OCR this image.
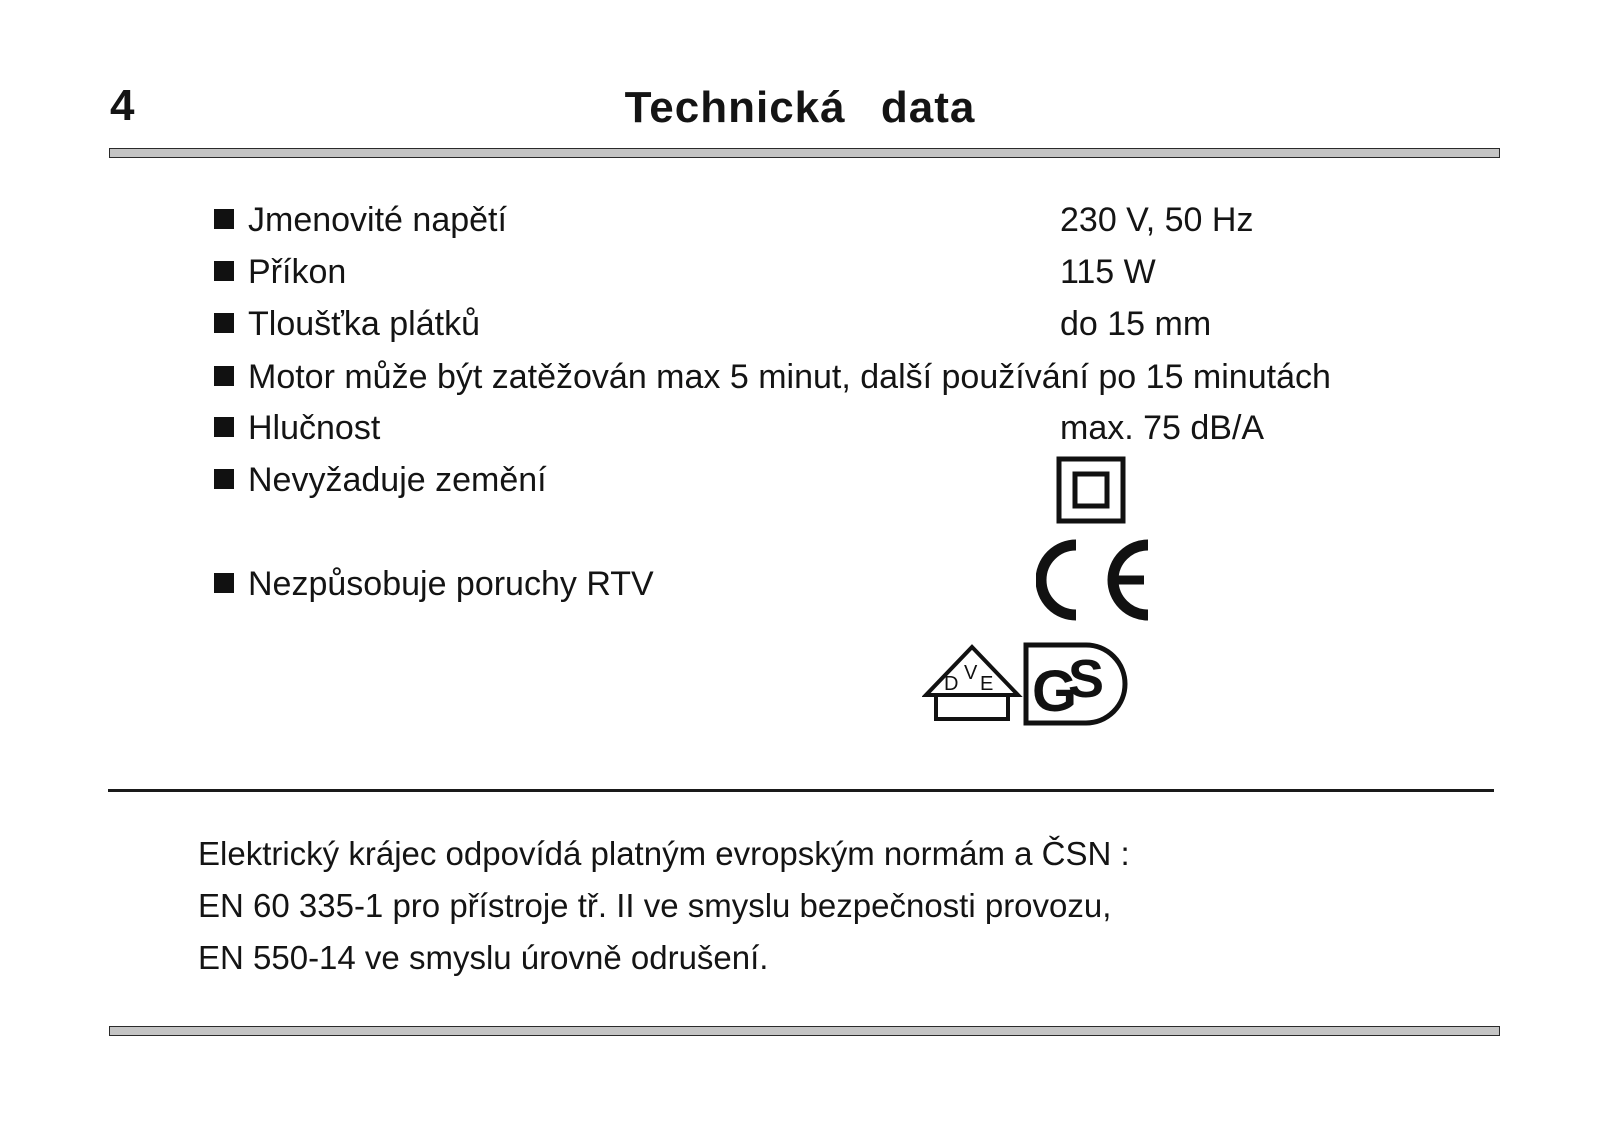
4	Technická data
Jmenovité napětí	230 V, 50 Hz
Příkon	115 W
Tloušťka plátků	do 15 mm
Motor může být zatěžován max 5 minut, další používání po 15 minutách
Hlučnost	max. 75 dB/A
Nevyžaduje zemění
Nezpůsobuje poruchy RTV
D V E G
S
Elektrický krájec odpovídá platným evropským normám a ČSN :
EN 60 335-1 pro přístroje tř. II ve smyslu bezpečnosti provozu,
EN 550-14 ve smyslu úrovně odrušení.
